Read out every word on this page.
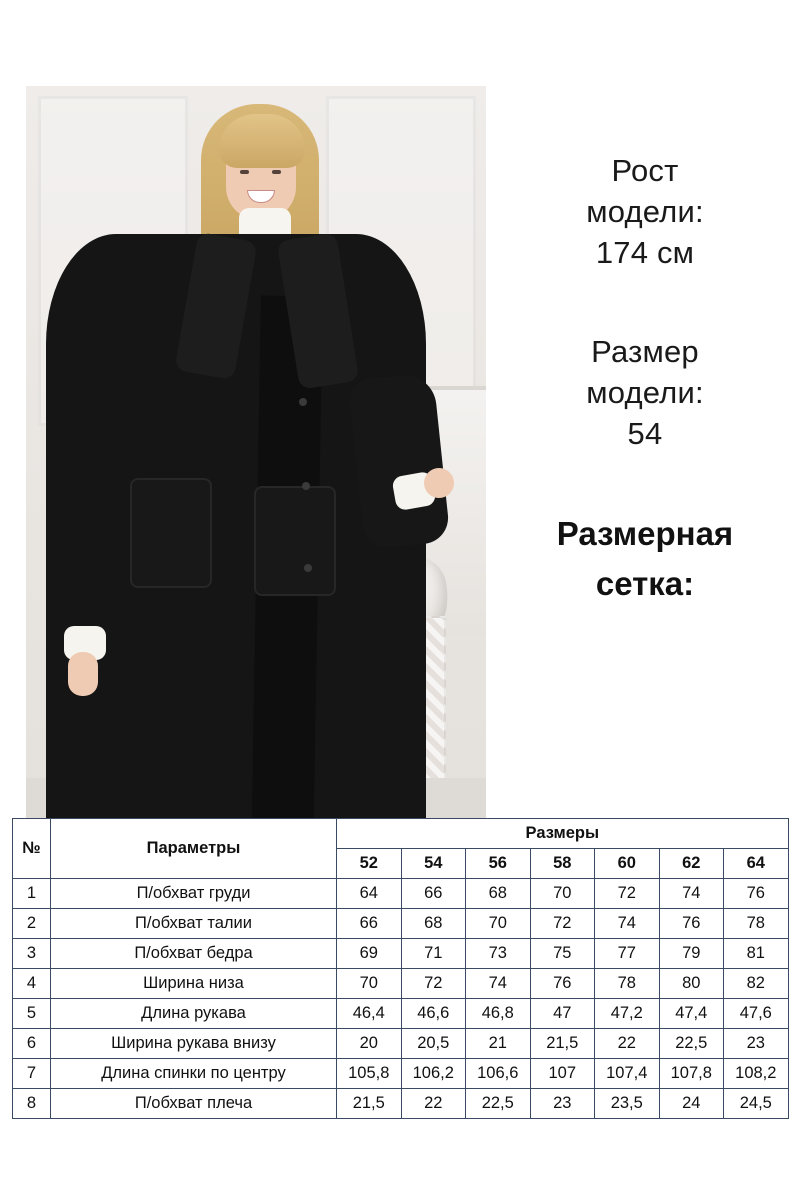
Рост
модели:
174 см
Размер
модели:
54
Размерная
сетка:
№	Параметры	Размеры						
		52	54	56	58	60	62	64
1	П/обхват груди	64	66	68	70	72	74	76
2	П/обхват талии	66	68	70	72	74	76	78
3	П/обхват бедра	69	71	73	75	77	79	81
4	Ширина низа	70	72	74	76	78	80	82
5	Длина рукава	46,4	46,6	46,8	47	47,2	47,4	47,6
6	Ширина рукава внизу	20	20,5	21	21,5	22	22,5	23
7	Длина спинки по центру	105,8	106,2	106,6	107	107,4	107,8	108,2
8	П/обхват плеча	21,5	22	22,5	23	23,5	24	24,5
